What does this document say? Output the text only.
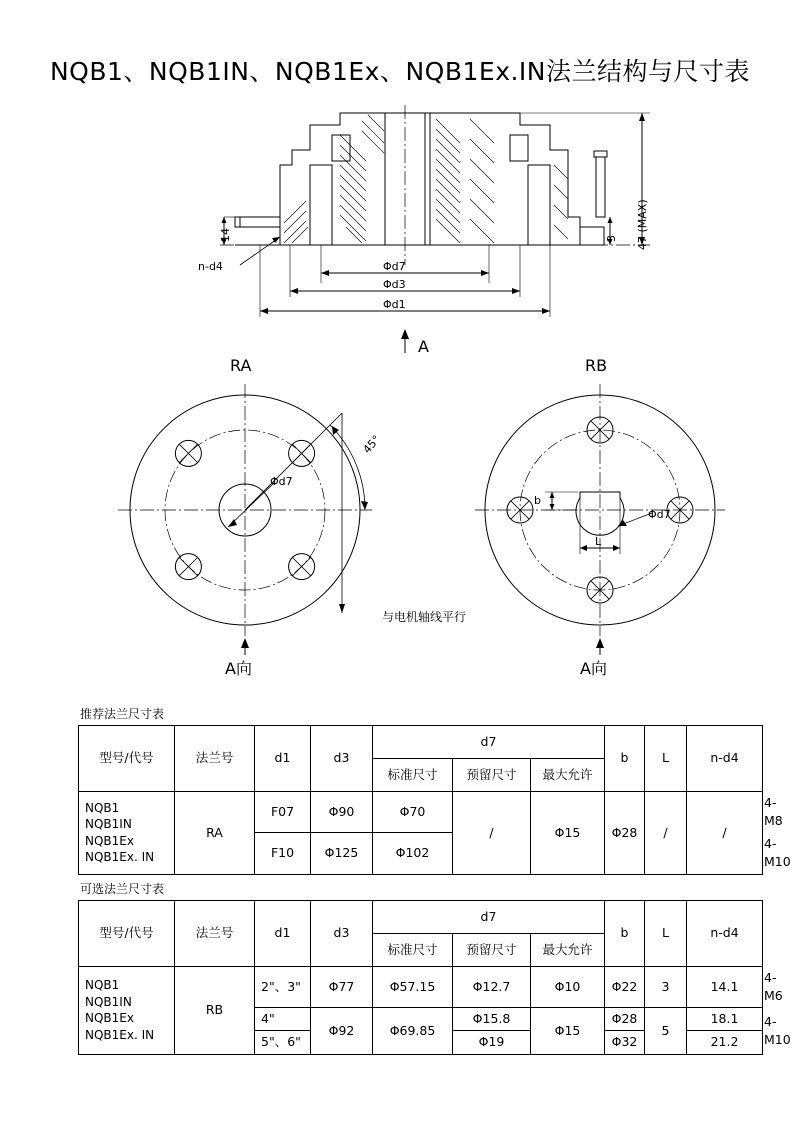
NQB1、NQB1IN、NQB1Ex、NQB1Ex.IN法兰结构与尺寸表
47 (MAX)
3
14
n-d4	Φd7
Φd3
Φd1
A
RA
45°
Φd7
与电机轴线平行
A向
RB
b
L
Φd7
A向
推荐法兰尺寸表
型号/代号	法兰号	d1	d3	d7			b	L	n-d4	
				标准尺寸	预留尺寸	最大允许				

NQB1
NQB1IN
NQB1Ex
NQB1Ex. IN	RA	F07	Φ90	Φ70	/	Φ15	Φ28	/	/	4-M8
		F10	Φ125	Φ102						4-M10
可选法兰尺寸表
型号/代号	法兰号	d1	d3	d7			b	L	n-d4	
				标准尺寸	预留尺寸	最大允许				

NQB1
NQB1IN
NQB1Ex
NQB1Ex. IN	RB	2"、3"	Φ77	Φ57.15	Φ12.7	Φ10	Φ22	3	14.1	4-M6
		4"	Φ92	Φ69.85	Φ15.8	Φ15	Φ28	5	18.1	4-M10
		5"、6"			Φ19		Φ32		21.2	
